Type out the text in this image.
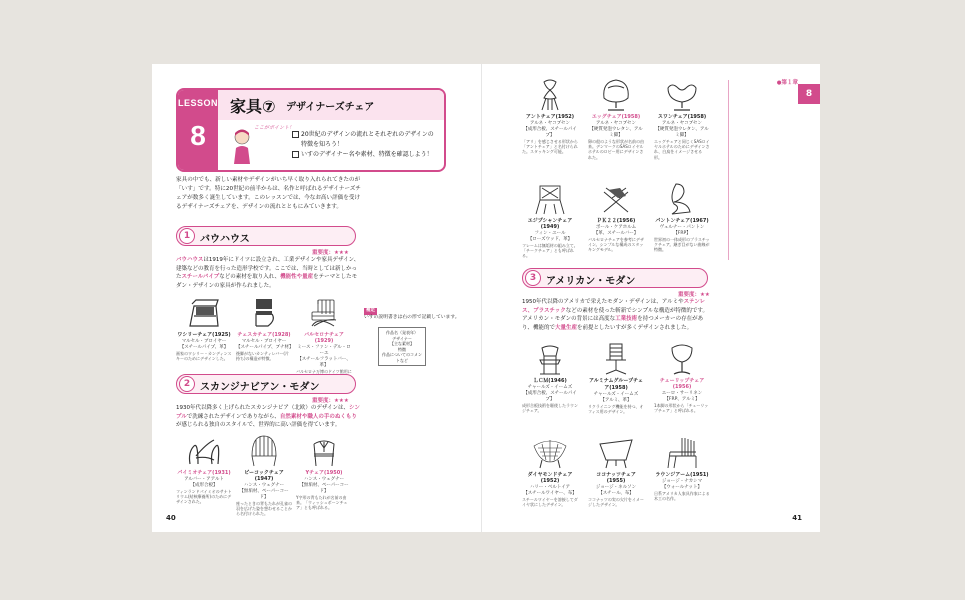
LESSON
8
家具⑦ デザイナーズチェア
ここがポイント！
20世紀のデザインの流れとそれぞれのデザインの
特徴を知ろう！
いすのデザイナー名や素材、特徴を確認しよう！
家具の中でも、新しい素材やデザインがいち早く取り入れられてきたのが「いす」です。特に20世紀の前半からは、名作と呼ばれるデザイナーズチェアが数多く誕生しています。このレッスンでは、今なお高い評価を受けるデザイナーズチェアを、デザインの流れとともにみていきます。
1 バウハウス
重要度：★★★
バウハウスは1919年にドイツに設立され、工業デザインや家具デザイン、建築などの教育を行った造形学校です。ここでは、当時としては新しかったスチールパイプなどの素材を取り入れ、機能性や量産をテーマとしたモダン・デザインの家具が作られました。
ワシリーチェア(1925)
マルセル・ブロイヤー
【スチールパイプ、革】
画家のワシリー・カンディンスキーのためにデザインした。
チェスカチェア(1928)
マルセル・ブロイヤー
【スチールパイプ、ブナ材】
後脚がないカンティレバー(片持ち)の構造が特徴。
バルセロナチェア(1929)
ミース・ファン・デル・ローエ
【スチールフラットバー、革】
バルセロナ万博のドイツ館用に
2 スカンジナビアン・モダン
重要度：★★★
1930年代以降多く上げられたスカンジナビア（北欧）のデザインは、シンプルで洗練されたデザインでありながら、自然素材や職人の手のぬくもりが感じられる独自のスタイルで、世界的に高い評価を得ています。
パイミオチェア(1931)
アルバー・アアルト
【成形合板】
フィンランドパイミオのサナトリウム(結核療養所)のためにデザインされた。
ピーコックチェア(1947)
ハンス・ウェグナー
【無垢材、ペーパーコード】
座ったときの背もたれが孔雀の羽を広げた姿を想わせることから名付けられた。
Yチェア(1950)
ハンス・ウェグナー
【無垢材、ペーパーコード】
Y字形の背もたれが名前の由来。「ウィッシュボーンチェア」とも呼ばれる。
補足
いすの説明書きは右の形で記載しています。
作品名（発表年）
デザイナー
【主な素材】
特徴
作品についてのコメントなど
40
●第１章
8
アントチェア(1952)
アルネ・ヤコブセン
【成形合板、スチールパイプ】
「アリ」を感じさせる形状から「アントチェア」と名付けられた。スタッキング可能。
エッグチェア(1958)
アルネ・ヤコブセン
【硬質発泡ウレタン、アルミ脚】
卵の殻のような形状が名前の由来。デンマークのSASロイヤルホテルのロビー用にデザインされた。
スワンチェア(1958)
アルネ・ヤコブセン
【硬質発泡ウレタン、アルミ脚】
エッグチェアと同じくSASロイヤルホテルのためにデザインされ、白鳥をイメージさせる形。
エジプシャンチェア(1949)
フィン・ユール
【ローズウッド、革】
フレームは無垢材の組み立て。「チークチェア」とも呼ばれる。
ＰＫ２２(1956)
ポール・ケアホルム
【革、スチールバー】
バルセロナチェアを参考にデザイン。シンプルな構成のスタッキングモデル。
パントンチェア(1967)
ヴェルナー・パントン
【FRP】
世界初の一体成形のプラスチックチェア。継ぎ目がない曲線が特徴。
3 アメリカン・モダン
重要度：★★
1950年代以降のアメリカで栄えたモダン・デザインは、アルミやステンレス、プラスチックなどの素材を使った斬新でシンプルな構造が特徴的です。アメリカン・モダンの背景には高度な工業技術を持つメーカーの存在があり、機能的で大量生産を前提としたいすが多くデザインされました。
ＬＣＭ(1946)
チャールズ・イームズ
【成形合板、スチールパイプ】
成形合板技術を駆使したラウンジチェア。
アルミナムグループチェア(1958)
チャールズ・イームズ
【アルミ、革】
リクライニング機能を持つ、オフィス用のデザイン。
チューリップチェア(1956)
エーロ・サーリネン
【FRP、アルミ】
1本脚の形状から「チューリップチェア」と呼ばれる。
ダイヤモンドチェア(1952)
ハリー・ベルトイア
【スチールワイヤー、布】
スチールワイヤーを溶接してダイヤ状にしたデザイン。
ココナッツチェア(1955)
ジョージ・ネルソン
【スチール、布】
ココナッツの実の欠片をイメージしたデザイン。
ラウンジアーム(1951)
ジョージ・ナカシマ
【ウォールナット】
日系アメリカ人家具作家による木工の名作。
41
